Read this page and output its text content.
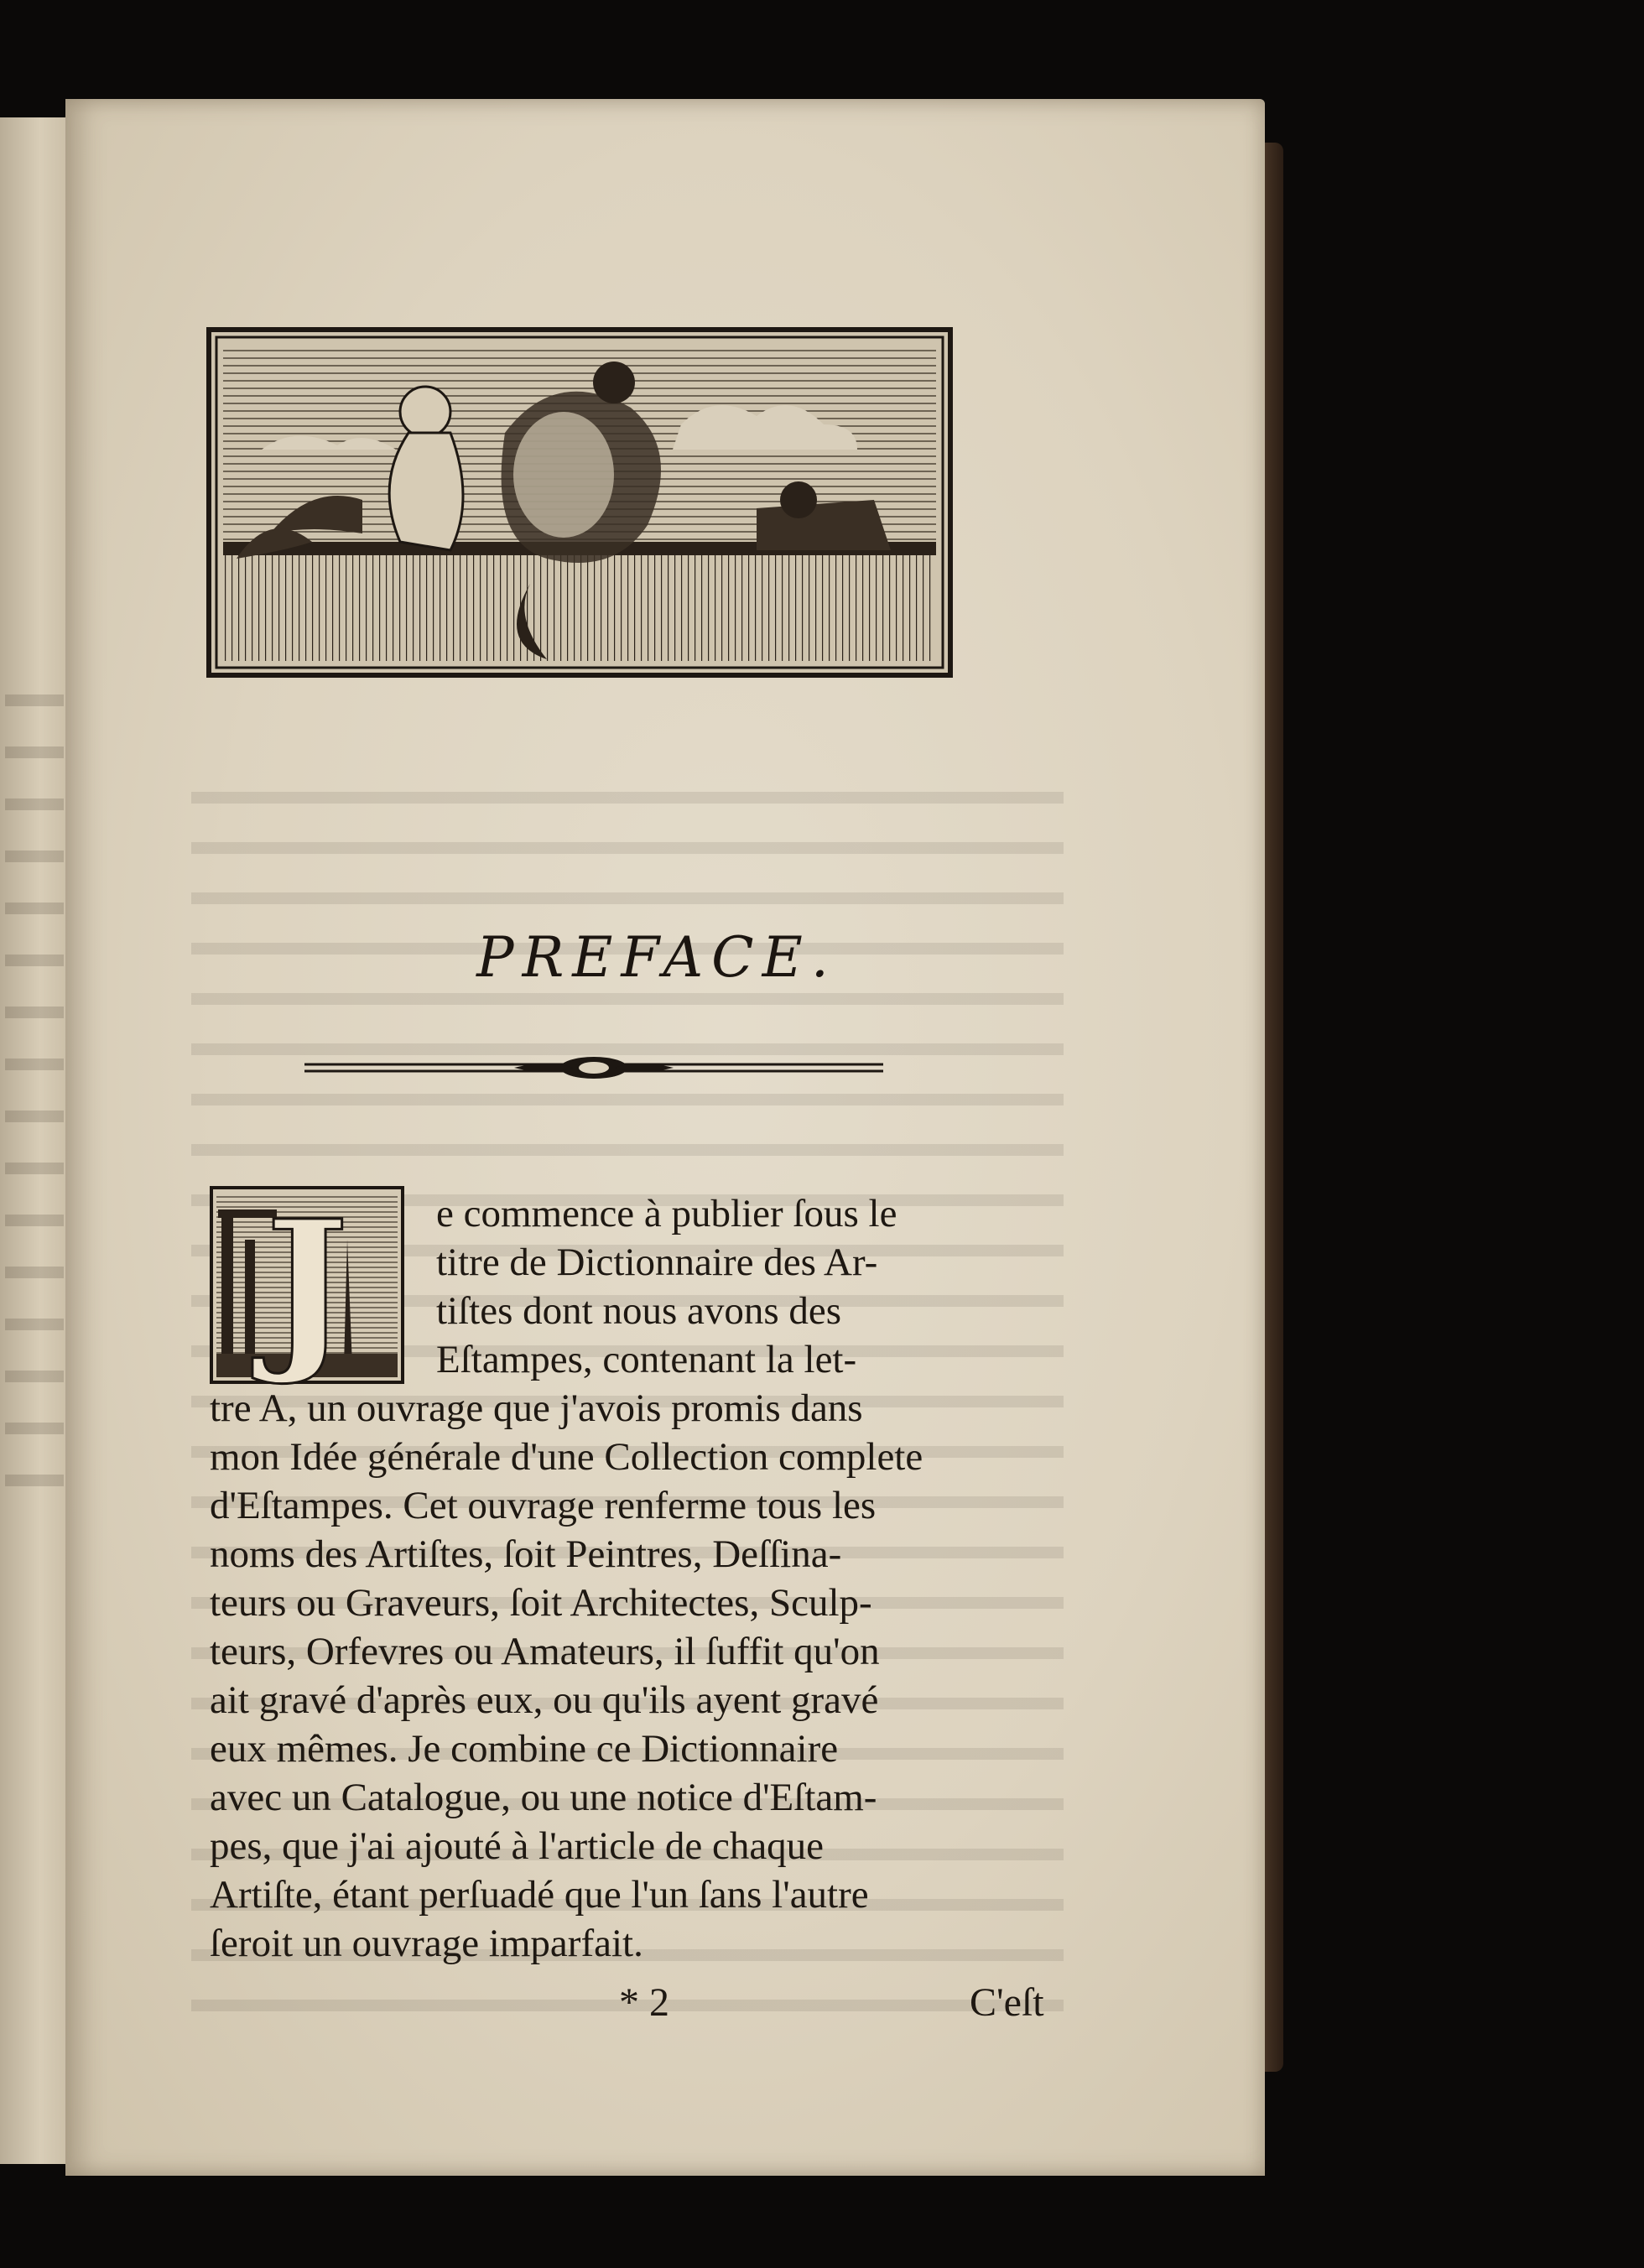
PREFACE.
J	e commence à publier ſous le
titre de Dictionnaire des Ar-
tiſtes dont nous avons des
Eſtampes, contenant la let-
tre A, un ouvrage que j'avois promis dans
mon Idée générale d'une Collection complete
d'Eſtampes. Cet ouvrage renferme tous les
noms des Artiſtes, ſoit Peintres, Deſſina-
teurs ou Graveurs, ſoit Architectes, Sculp-
teurs, Orfevres ou Amateurs, il ſuffit qu'on
ait gravé d'après eux, ou qu'ils ayent gravé
eux mêmes. Je combine ce Dictionnaire
avec un Catalogue, ou une notice d'Eſtam-
pes, que j'ai ajouté à l'article de chaque
Artiſte, étant perſuadé que l'un ſans l'autre
ſeroit un ouvrage imparfait.
* 2	C'eſt
